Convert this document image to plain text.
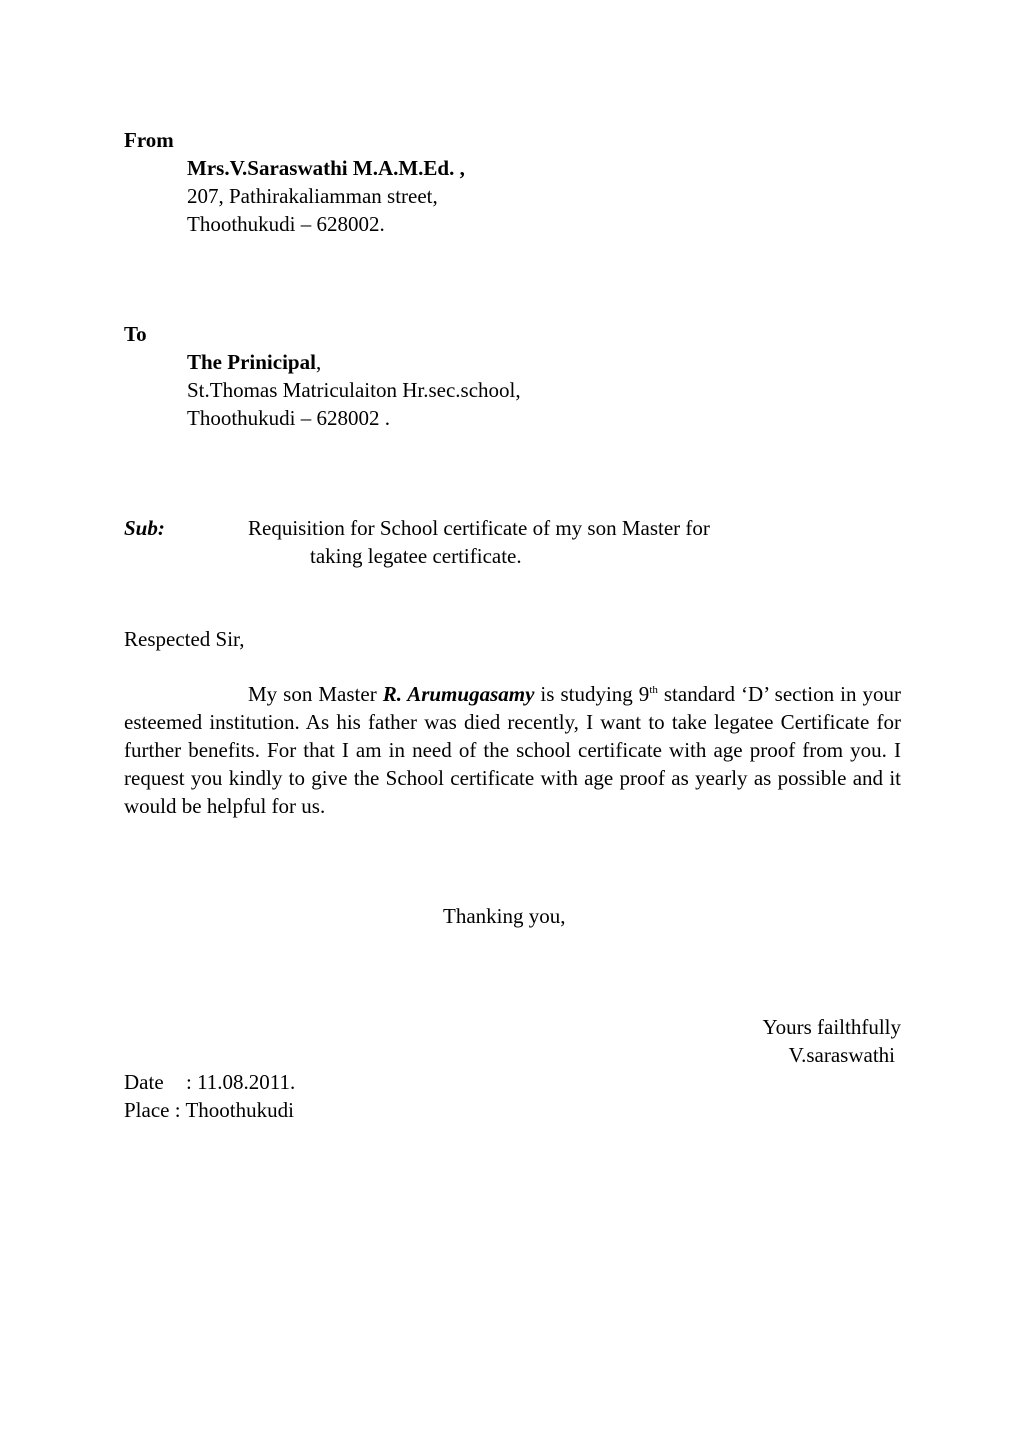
From
Mrs.V.Saraswathi M.A.M.Ed. ,
207, Pathirakaliamman street,
Thoothukudi – 628002.
To
The Prinicipal,
St.Thomas Matriculaiton Hr.sec.school,
Thoothukudi – 628002 .
Sub:	Requisition for School certificate of my son Master for
taking legatee certificate.
Respected Sir,

My son Master R. Arumugasamy is studying 9th standard ‘D’ section in your esteemed institution. As his father was died recently, I want to take legatee Certificate for further benefits. For that I am in need of the school certificate with age proof from you. I request you kindly to give the School certificate with age proof as yearly as possible and it would be helpful for us.

Thanking you,
Yours failthfully
V.saraswathi
Date : 11.08.2011.
Place : Thoothukudi
